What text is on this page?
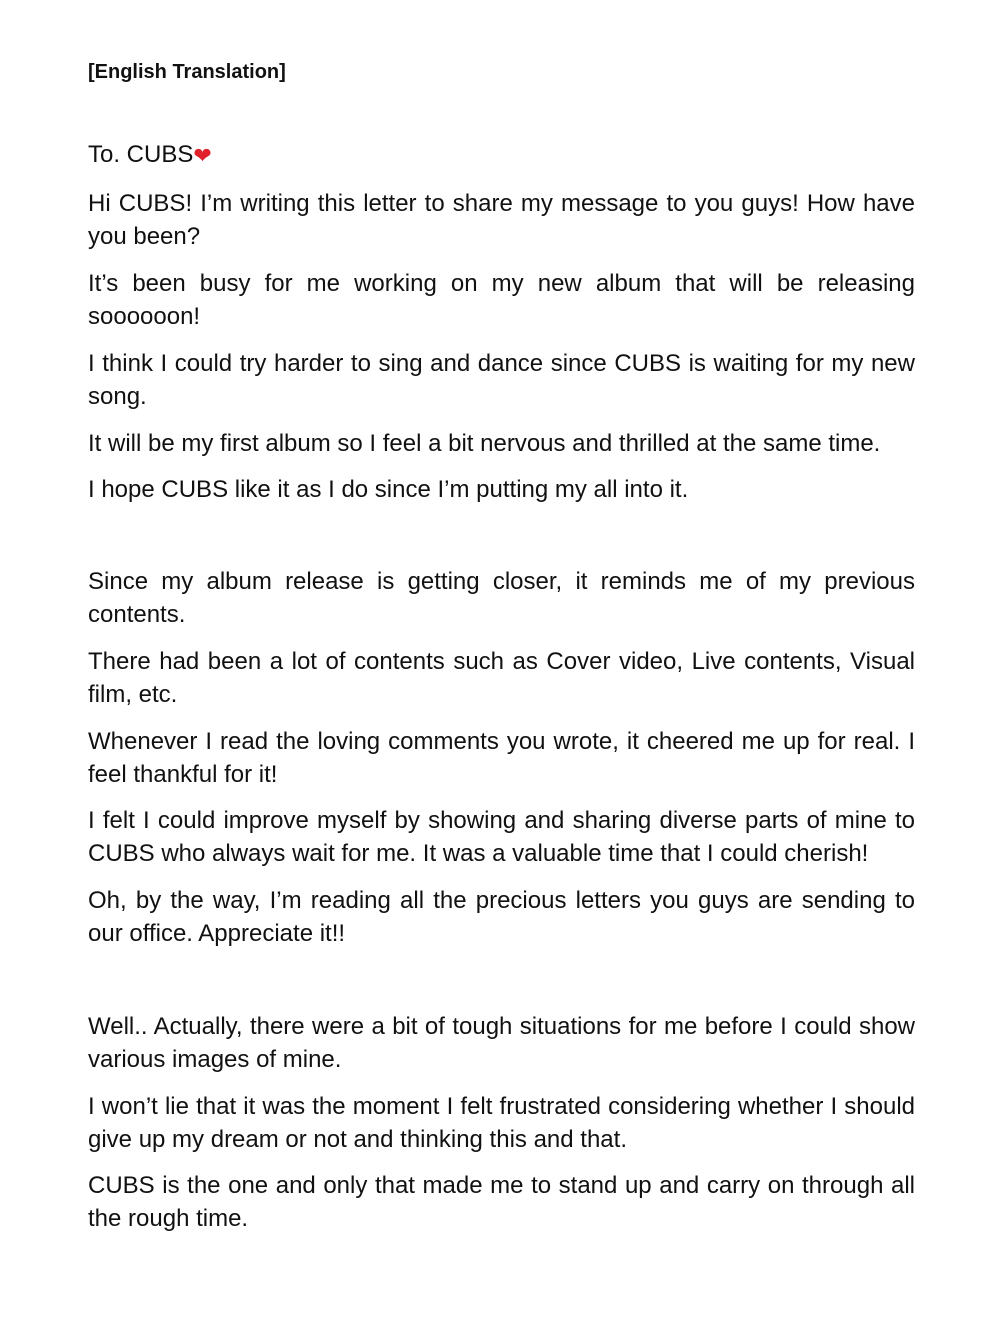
[English Translation]
To. CUBS❤
Hi CUBS! I’m writing this letter to share my message to you guys! How have you been?
It’s been busy for me working on my new album that will be releasing soooooon!
I think I could try harder to sing and dance since CUBS is waiting for my new song.
It will be my first album so I feel a bit nervous and thrilled at the same time.
I hope CUBS like it as I do since I’m putting my all into it.
Since my album release is getting closer, it reminds me of my previous contents.
There had been a lot of contents such as Cover video, Live contents, Visual film, etc.
Whenever I read the loving comments you wrote, it cheered me up for real. I feel thankful for it!
I felt I could improve myself by showing and sharing diverse parts of mine to CUBS who always wait for me. It was a valuable time that I could cherish!
Oh, by the way, I’m reading all the precious letters you guys are sending to our office. Appreciate it!!
Well.. Actually, there were a bit of tough situations for me before I could show various images of mine.
I won’t lie that it was the moment I felt frustrated considering whether I should give up my dream or not and thinking this and that.
CUBS is the one and only that made me to stand up and carry on through all the rough time.
